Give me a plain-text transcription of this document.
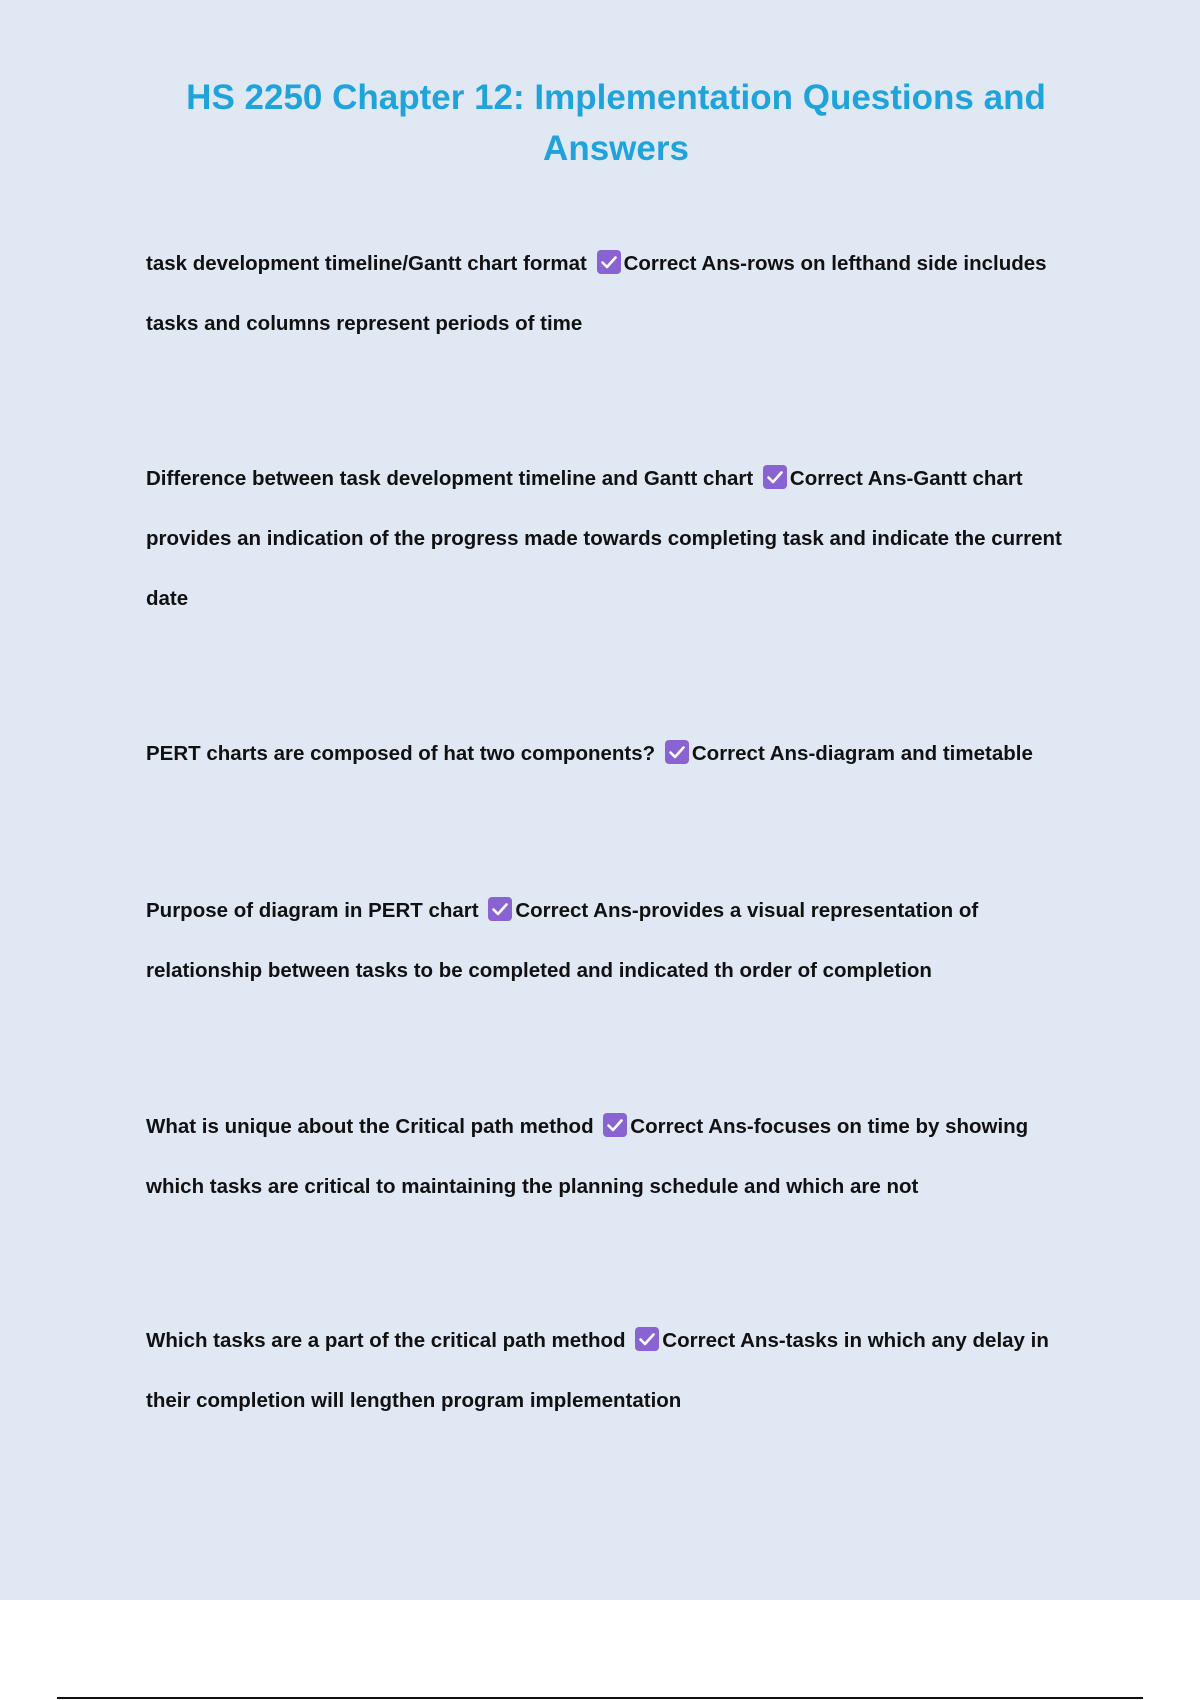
HS 2250 Chapter 12: Implementation Questions and Answers

task development timeline/Gantt chart format Correct Ans-rows on lefthand side includes tasks and columns represent periods of time

Difference between task development timeline and Gantt chart Correct Ans-Gantt chart provides an indication of the progress made towards completing task and indicate the current date

PERT charts are composed of hat two components? Correct Ans-diagram and timetable

Purpose of diagram in PERT chart Correct Ans-provides a visual representation of relationship between tasks to be completed and indicated th order of completion

What is unique about the Critical path method Correct Ans-focuses on time by showing which tasks are critical to maintaining the planning schedule and which are not

Which tasks are a part of the critical path method Correct Ans-tasks in which any delay in their completion will lengthen program implementation
